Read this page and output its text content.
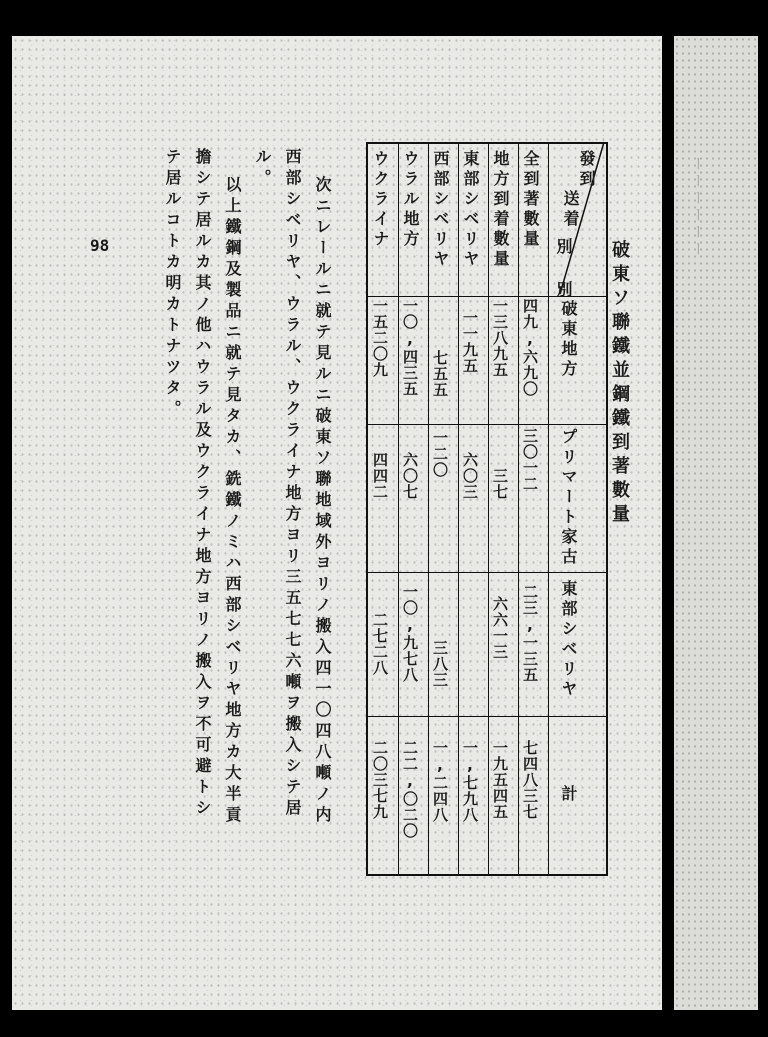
ーーーーーー
98	破東ソ聯鐵並鋼鐵到著數量
發到
送着
別 別
全到著數量
地方到着數量
東部シベリヤ
西部シベリヤ
ウラル地方
ウクライナ
破東地方
プリマート家古
東部シベリヤ
計
四九,六九〇
三〇一二
二三,一三五
七四八三七
一三八九五
三七
六六一三
一九五四五
一一九五
六〇三
一,七九八
七五五
一二〇
三八三
一,二四八
一〇,四三五
六〇七
一〇,九七八
二二,〇二〇
一五二〇九
四四二
二七二八
二〇三七九
次ニレールニ就テ見ルニ破東ソ聯地域外ヨリノ搬入四一〇四八噸ノ内
西部シベリヤ、ウラル、ウクライナ地方ヨリ三五七七六噸ヲ搬入シテ居
ル。
以上鐵鋼及製品ニ就テ見タカ、銑鐵ノミハ西部シベリヤ地方カ大半貢
擔シテ居ルカ其ノ他ハウラル及ウクライナ地方ヨリノ搬入ヲ不可避トシ
テ居ルコトカ明カトナツタ。
